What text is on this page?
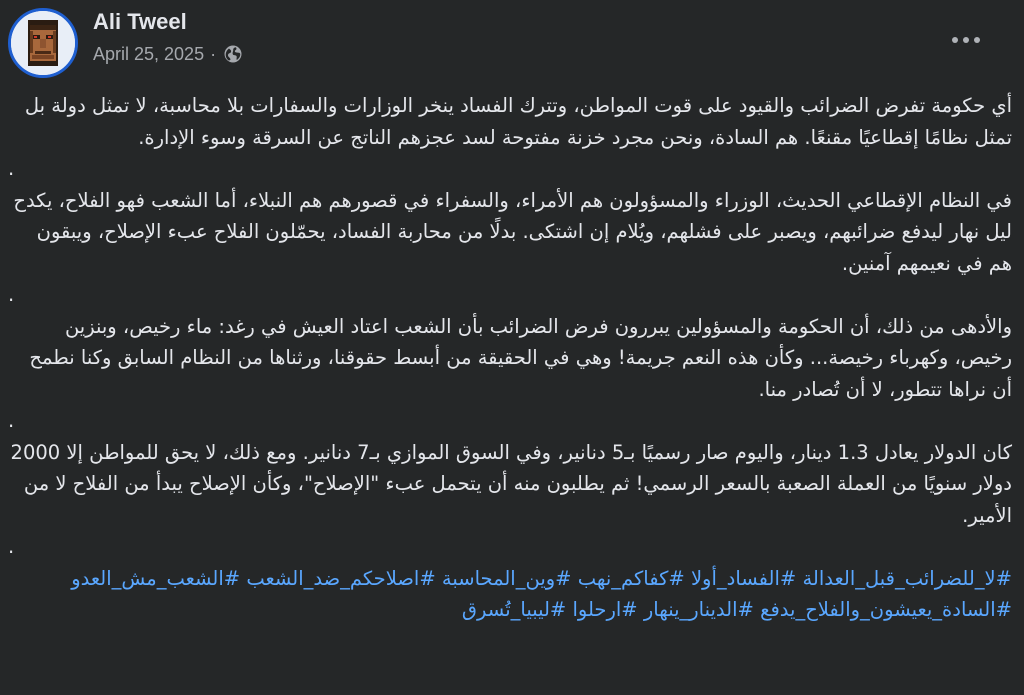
Ali Tweel
April 25, 2025 ·

أي حكومة تفرض الضرائب والقيود على قوت المواطن، وتترك الفساد ينخر الوزارات والسفارات بلا محاسبة، لا تمثل دولة بل تمثل نظامًا إقطاعيًا مقنعًا. هم السادة، ونحن مجرد خزنة مفتوحة لسد عجزهم الناتج عن السرقة وسوء الإدارة.

.

في النظام الإقطاعي الحديث، الوزراء والمسؤولون هم الأمراء، والسفراء في قصورهم هم النبلاء، أما الشعب فهو الفلاح، يكدح ليل نهار ليدفع ضرائبهم، ويصبر على فشلهم، ويُلام إن اشتكى. بدلًا من محاربة الفساد، يحمّلون الفلاح عبء الإصلاح، ويبقون هم في نعيمهم آمنين.

.

والأدهى من ذلك، أن الحكومة والمسؤولين يبررون فرض الضرائب بأن الشعب اعتاد العيش في رغد: ماء رخيص، وبنزين رخيص، وكهرباء رخيصة... وكأن هذه النعم جريمة! وهي في الحقيقة من أبسط حقوقنا، ورثناها من النظام السابق وكنا نطمح أن نراها تتطور، لا أن تُصادر منا.

.

كان الدولار يعادل 1.3 دينار، واليوم صار رسميًا بـ5 دنانير، وفي السوق الموازي بـ7 دنانير. ومع ذلك، لا يحق للمواطن إلا 2000 دولار سنويًا من العملة الصعبة بالسعر الرسمي! ثم يطلبون منه أن يتحمل عبء "الإصلاح"، وكأن الإصلاح يبدأ من الفلاح لا من الأمير.

.

#لا_للضرائب_قبل_العدالة #الفساد_أولا #كفاكم_نهب #وين_المحاسبة #اصلاحكم_ضد_الشعب #الشعب_مش_العدو #السادة_يعيشون_والفلاح_يدفع #الدينار_ينهار #ارحلوا #ليبيا_تُسرق
